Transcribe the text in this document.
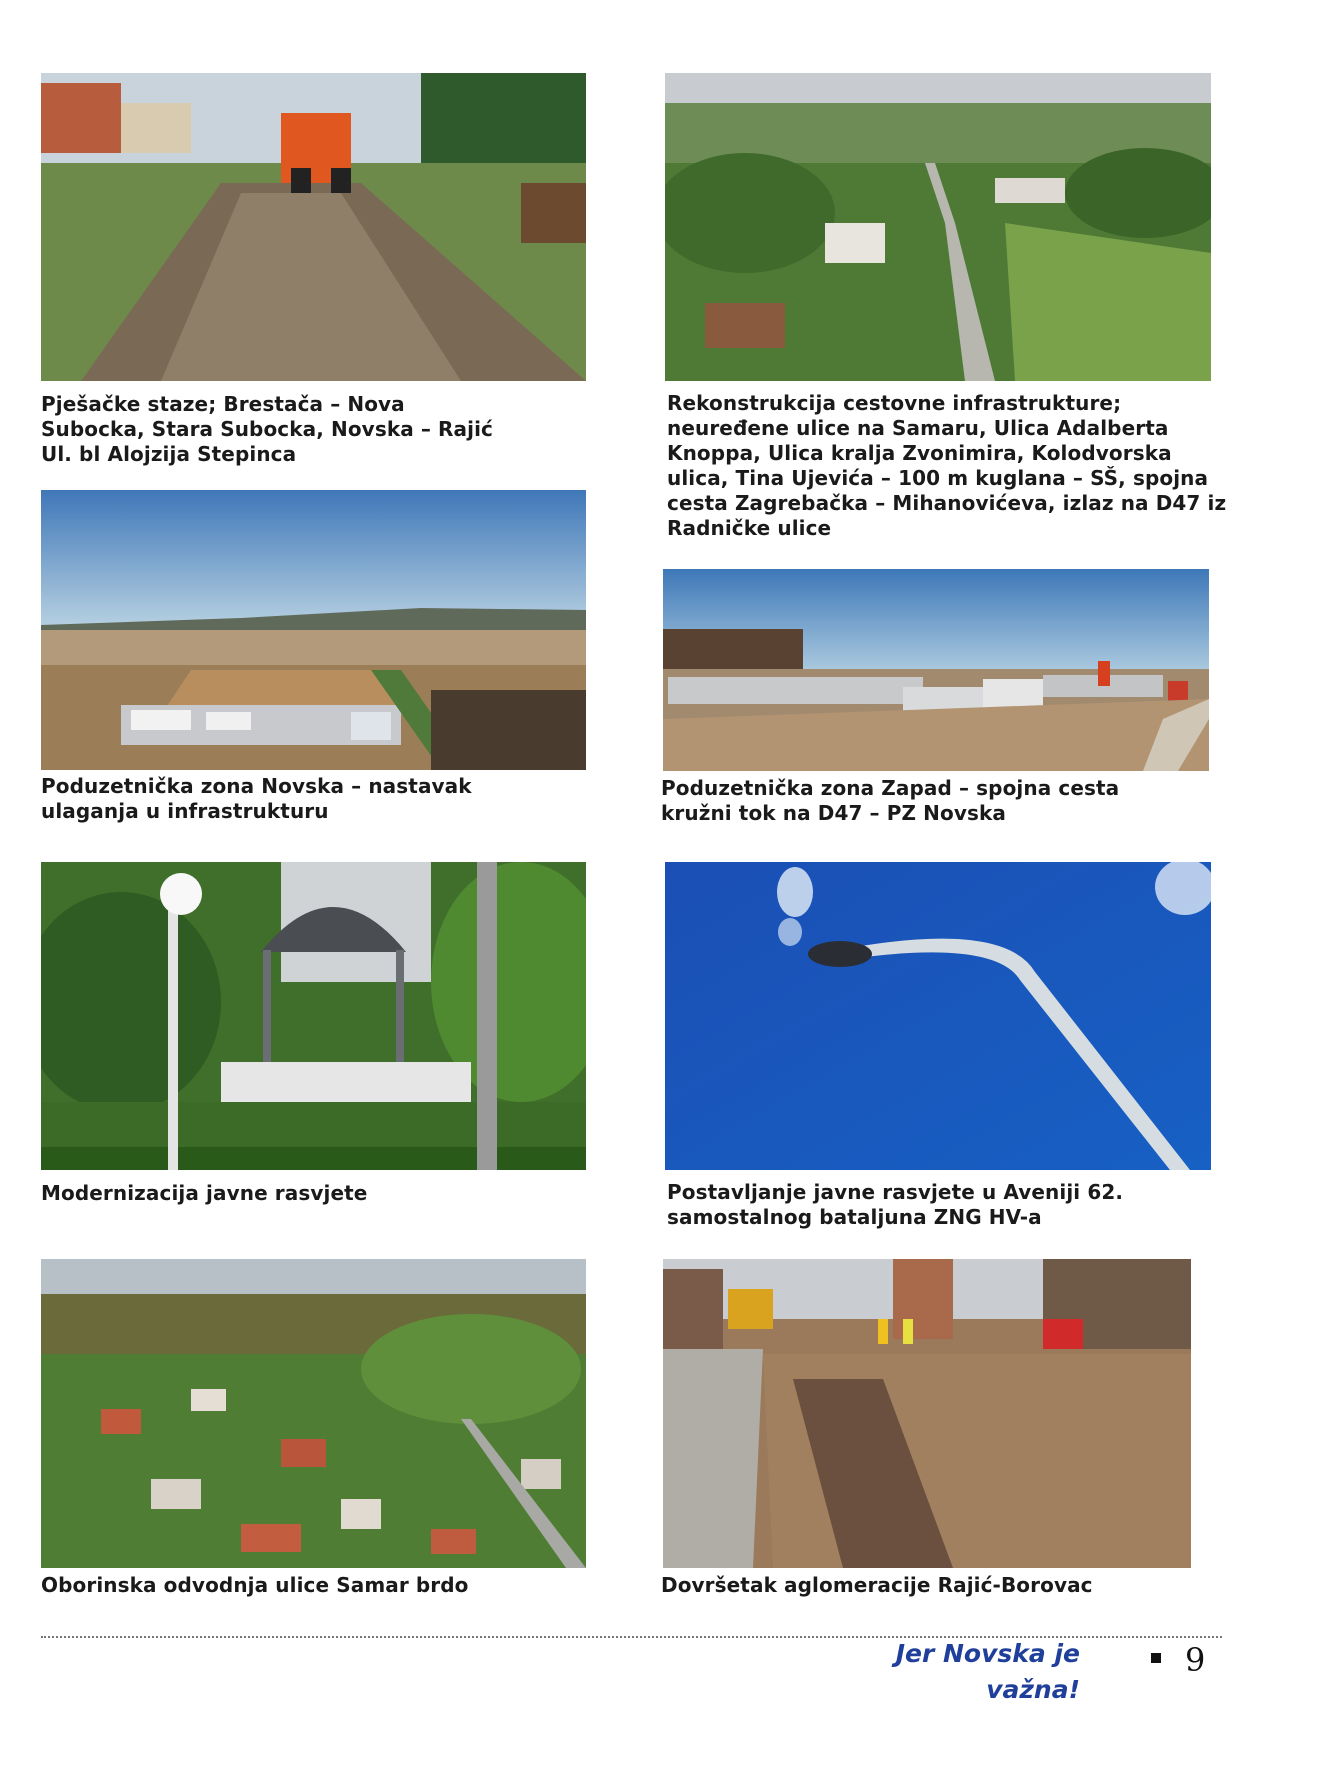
Pješačke staze; Brestača – Nova
Subocka, Stara Subocka, Novska – Rajić
Ul. bl Alojzija Stepinca
Rekonstrukcija cestovne infrastrukture;
neuređene ulice na Samaru, Ulica Adalberta
Knoppa, Ulica kralja Zvonimira, Kolodvorska
ulica, Tina Ujevića – 100 m kuglana – SŠ, spojna
cesta Zagrebačka – Mihanovićeva, izlaz na D47 iz
Radničke ulice
Poduzetnička zona Novska – nastavak
ulaganja u infrastrukturu
Poduzetnička zona Zapad – spojna cesta
kružni tok na D47 – PZ Novska
Modernizacija javne rasvjete	Postavljanje javne rasvjete u Aveniji 62.
samostalnog bataljuna ZNG HV-a
Oborinska odvodnja ulice Samar brdo	Dovršetak aglomeracije Rajić-Borovac
Jer Novska je važna!
9
